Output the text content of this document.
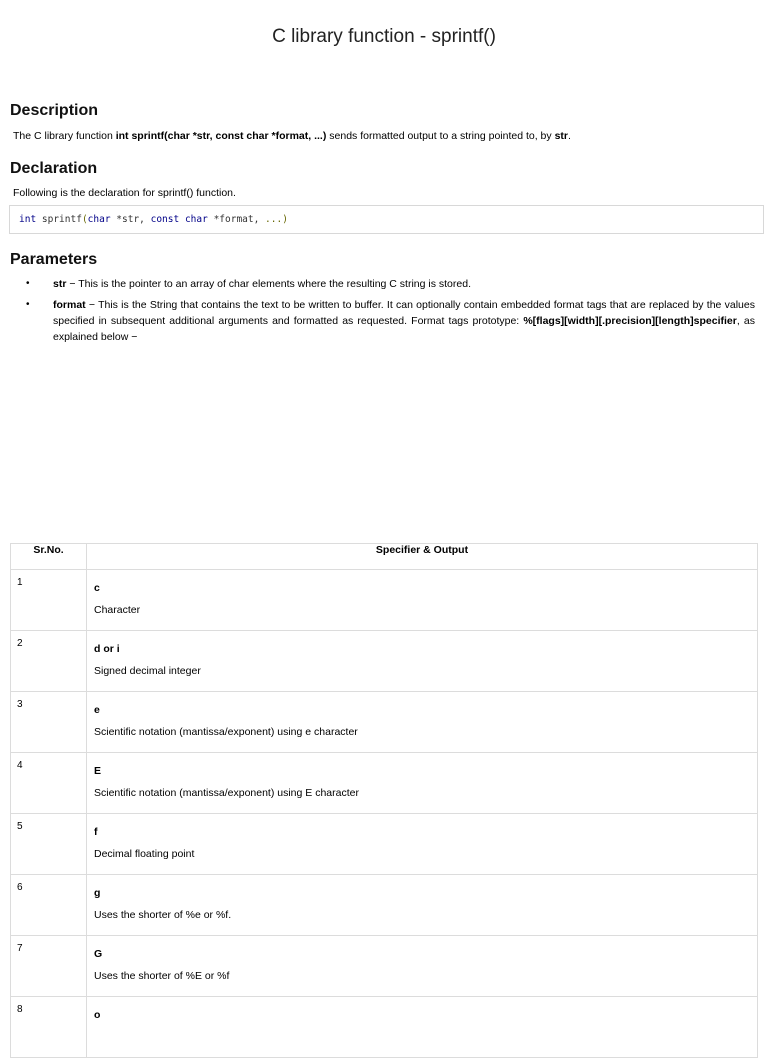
C library function - sprintf()
Description
The C library function int sprintf(char *str, const char *format, ...) sends formatted output to a string pointed to, by str.
Declaration
Following is the declaration for sprintf() function.
int sprintf(char *str, const char *format, ...)
Parameters
• str − This is the pointer to an array of char elements where the resulting C string is stored.
• format − This is the String that contains the text to be written to buffer. It can optionally contain embedded format tags that are replaced by the values specified in subsequent additional arguments and formatted as requested. Format tags prototype: %[flags][width][.precision][length]specifier, as explained below −
Sr.No.	Specifier & Output
1	c
Character

2	d or i
Signed decimal integer

3	e
Scientific notation (mantissa/exponent) using e character

4	E
Scientific notation (mantissa/exponent) using E character

5	f
Decimal floating point

6	g
Uses the shorter of %e or %f.

7	G
Uses the shorter of %E or %f

8	o
